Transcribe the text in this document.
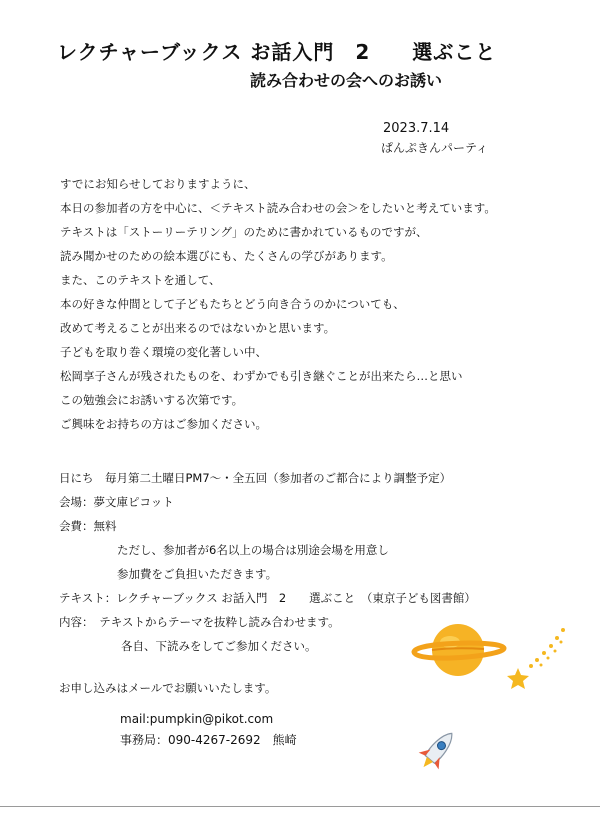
レクチャーブックス お話入門　2　　選ぶこと
読み合わせの会へのお誘い
2023.7.14
ぱんぷきんパーティ
すでにお知らせしておりますように、
本日の参加者の方を中心に、＜テキスト読み合わせの会＞をしたいと考えています。
テキストは「ストーリーテリング」のために書かれているものですが、
読み聞かせのための絵本選びにも、たくさんの学びがあります。
また、このテキストを通して、
本の好きな仲間として子どもたちとどう向き合うのかについても、
改めて考えることが出来るのではないかと思います。
子どもを取り巻く環境の変化著しい中、
松岡享子さんが残されたものを、わずかでも引き継ぐことが出来たら…と思い
この勉強会にお誘いする次第です。
ご興味をお持ちの方はご参加ください。
日にち　毎月第二土曜日PM7～・全五回（参加者のご都合により調整予定）
会場：夢文庫ピコット
会費：無料
ただし、参加者が6名以上の場合は別途会場を用意し
参加費をご負担いただきます。
テキスト：レクチャーブックス お話入門　2　　選ぶこと　（東京子ども図書館）
内容：　テキストからテーマを抜粋し読み合わせます。
各自、下読みをしてご参加ください。
お申し込みはメールでお願いいたします。
mail:pumpkin@pikot.com
事務局：090-4267-2692　熊崎
